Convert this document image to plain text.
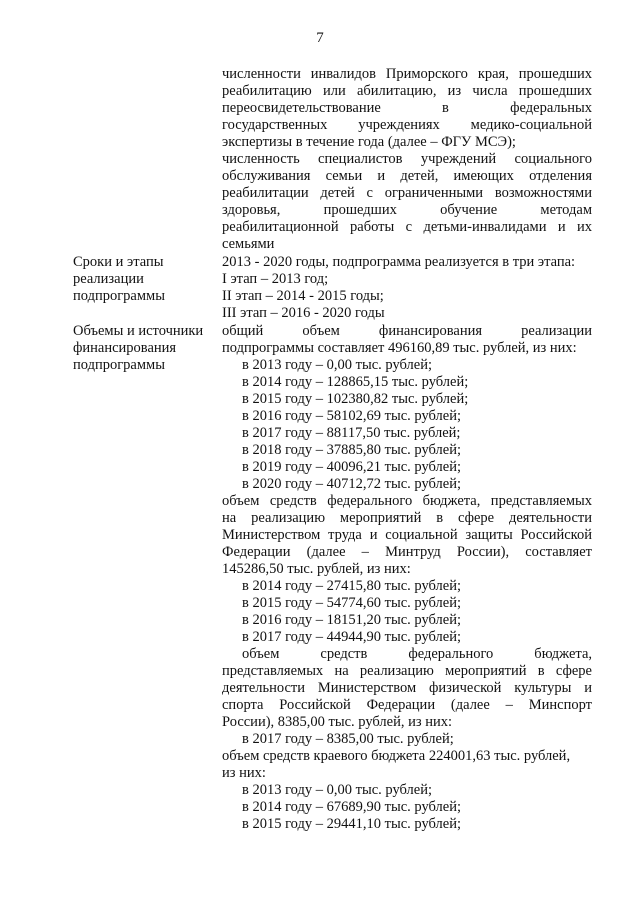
7
численности инвалидов Приморского края, прошедших
реабилитацию или абилитацию, из числа прошедших
переосвидетельствование в федеральных
государственных учреждениях медико-социальной
экспертизы в течение года (далее – ФГУ МСЭ);
численность специалистов учреждений социального
обслуживания семьи и детей, имеющих отделения
реабилитации детей с ограниченными возможностями
здоровья, прошедших обучение методам
реабилитационной работы с детьми-инвалидами и их
семьями
Сроки и этапы
реализации
подпрограммы
2013 - 2020 годы, подпрограмма реализуется в три этапа:
I этап – 2013 год;
II этап – 2014 - 2015 годы;
III этап – 2016 - 2020 годы
Объемы и источники
финансирования
подпрограммы
общий объем финансирования реализации
подпрограммы составляет 496160,89 тыс. рублей, из них:
в 2013 году – 0,00 тыс. рублей;
в 2014 году – 128865,15 тыс. рублей;
в 2015 году – 102380,82 тыс. рублей;
в 2016 году – 58102,69 тыс. рублей;
в 2017 году – 88117,50 тыс. рублей;
в 2018 году – 37885,80 тыс. рублей;
в 2019 году – 40096,21 тыс. рублей;
в 2020 году – 40712,72 тыс. рублей;
объем средств федерального бюджета, представляемых
на реализацию мероприятий в сфере деятельности
Министерством труда и социальной защиты Российской
Федерации (далее – Минтруд России), составляет
145286,50 тыс. рублей, из них:
в 2014 году – 27415,80 тыс. рублей;
в 2015 году – 54774,60 тыс. рублей;
в 2016 году – 18151,20 тыс. рублей;
в 2017 году – 44944,90 тыс. рублей;
объем средств федерального бюджета,
представляемых на реализацию мероприятий в сфере
деятельности Министерством физической культуры и
спорта Российской Федерации (далее – Минспорт
России), 8385,00 тыс. рублей, из них:
в 2017 году – 8385,00 тыс. рублей;
объем средств краевого бюджета 224001,63 тыс. рублей,
из них:
в 2013 году – 0,00 тыс. рублей;
в 2014 году – 67689,90 тыс. рублей;
в 2015 году – 29441,10 тыс. рублей;
